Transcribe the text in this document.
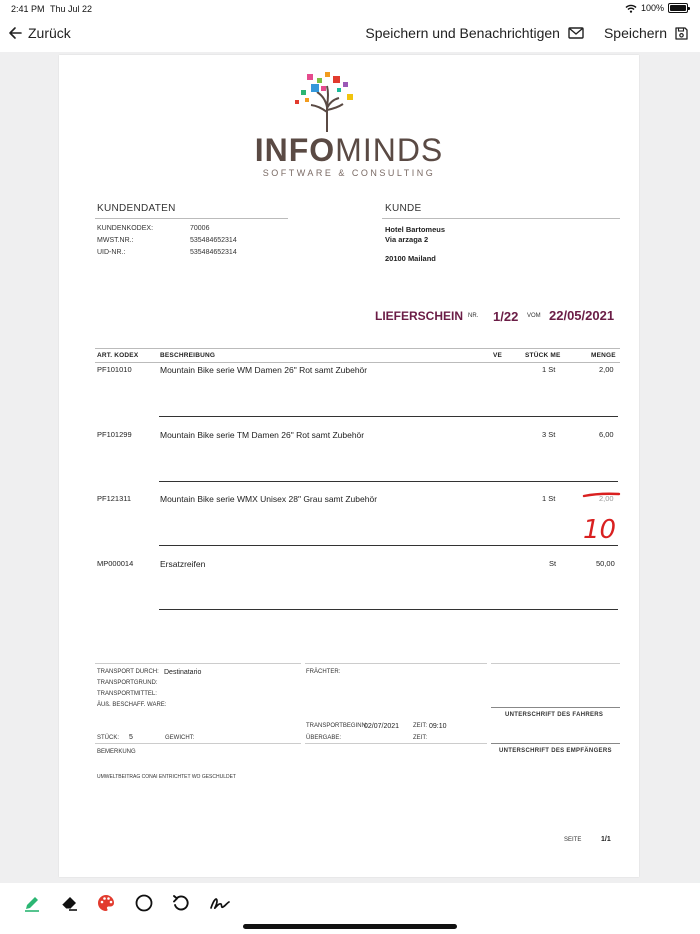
2:41 PM Thu Jul 22	100%
Zurück	Speichern und Benachrichtigen	Speichern
INFOMINDS
SOFTWARE & CONSULTING
KUNDENDATEN
KUNDENKODEX:	70006
MWST.NR.:	535484652314
UID-NR.:	535484652314
KUNDE
Hotel Bartomeus
Via arzaga 2
20100 Mailand
LIEFERSCHEIN NR. 1/22 VOM 22/05/2021
ART. KODEX	BESCHREIBUNG	VE	STÜCK ME	MENGE
PF101010	Mountain Bike serie WM Damen 26" Rot samt Zubehör	1 St	2,00
PF101299	Mountain Bike serie TM Damen 26" Rot samt Zubehör	3 St	6,00
PF121311	Mountain Bike serie WMX Unisex 28" Grau samt Zubehör	1 St	2,00
10
MP000014	Ersatzreifen	St	50,00
TRANSPORT DURCH: Destinatario	FRÄCHTER:
TRANSPORTGRUND:
TRANSPORTMITTEL:
ÄUß. BESCHAFF. WARE:
UNTERSCHRIFT DES FAHRERS
TRANSPORTBEGINN:
02/07/2021 ZEIT: 09:10
STÜCK: 5	GEWICHT:	ÜBERGABE:	ZEIT:
UNTERSCHRIFT DES EMPFÄNGERS
BEMERKUNG
UMWELTBEITRAG CONAI ENTRICHTET WO GESCHULDET
SEITE	1/1
